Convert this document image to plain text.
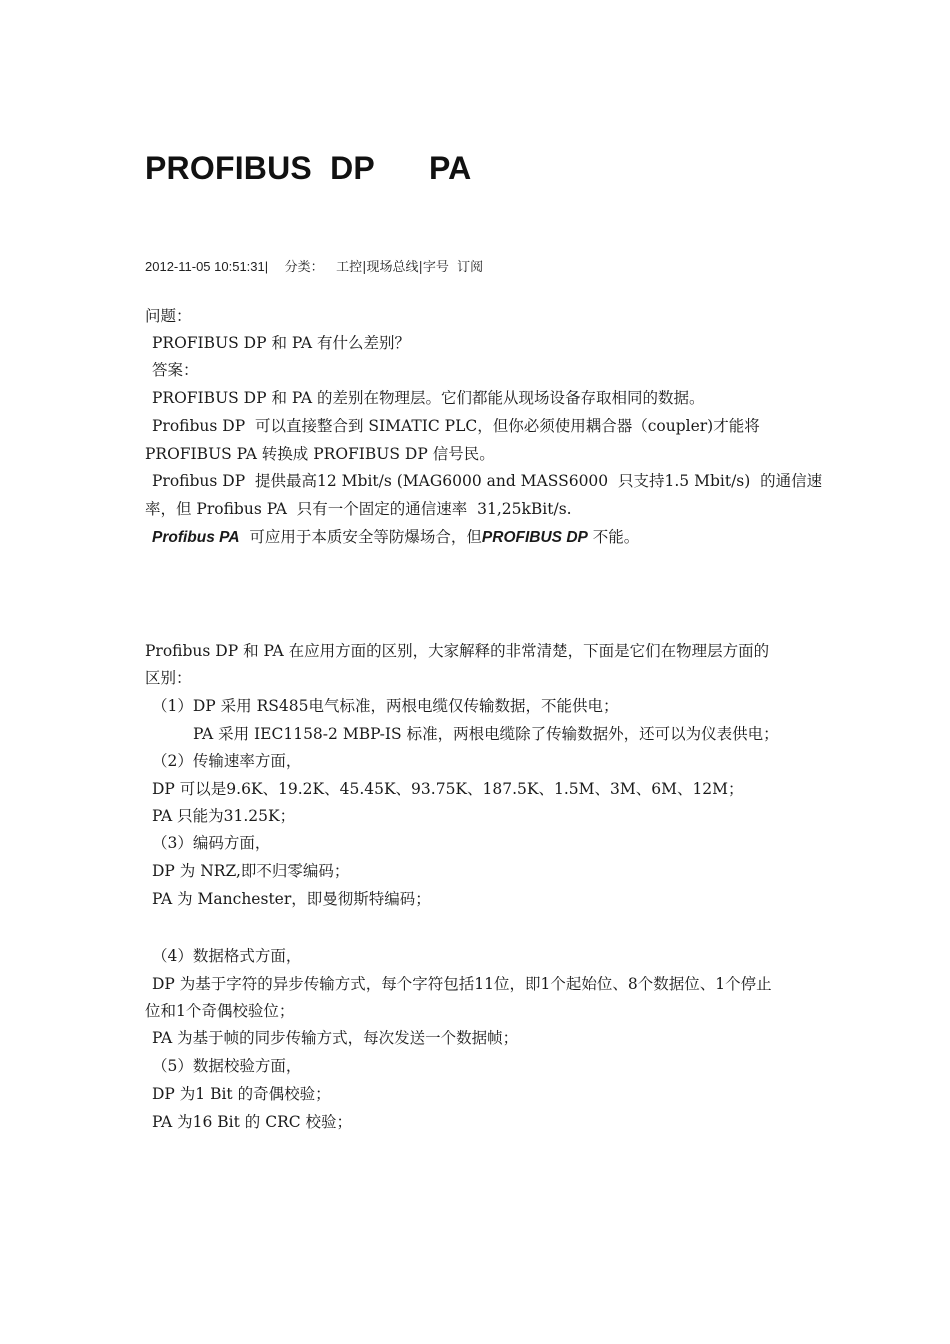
PROFIBUS  DP      PA
2012-11-05 10:51:31| 分类： 工控|现场总线|字号  订阅
问题：
PROFIBUS DP 和 PA 有什么差别？
答案：
PROFIBUS DP 和 PA 的差别在物理层。它们都能从现场设备存取相同的数据。
Profibus DP  可以直接整合到 SIMATIC PLC，但你必须使用耦合器（coupler)才能将
PROFIBUS PA 转换成 PROFIBUS DP 信号民。
Profibus DP  提供最高12 Mbit/s (MAG6000 and MASS6000  只支持1.5 Mbit/s)  的通信速
率，但 Profibus PA  只有一个固定的通信速率  31,25kBit/s.
Profibus PA  可应用于本质安全等防爆场合，但PROFIBUS DP 不能。
Profibus DP 和 PA 在应用方面的区别，大家解释的非常清楚，下面是它们在物理层方面的
区别：
（1）DP 采用 RS485电气标准，两根电缆仅传输数据，不能供电；
PA 采用 IEC1158-2 MBP-IS 标准，两根电缆除了传输数据外，还可以为仪表供电；
（2）传输速率方面，
DP 可以是9.6K、19.2K、45.45K、93.75K、187.5K、1.5M、3M、6M、12M；
PA 只能为31.25K；
（3）编码方面，
DP 为 NRZ,即不归零编码；
PA 为 Manchester，即曼彻斯特编码；
（4）数据格式方面，
DP 为基于字符的异步传输方式，每个字符包括11位，即1个起始位、8个数据位、1个停止
位和1个奇偶校验位；
PA 为基于帧的同步传输方式，每次发送一个数据帧；
（5）数据校验方面，
DP 为1 Bit 的奇偶校验；
PA 为16 Bit 的 CRC 校验；
